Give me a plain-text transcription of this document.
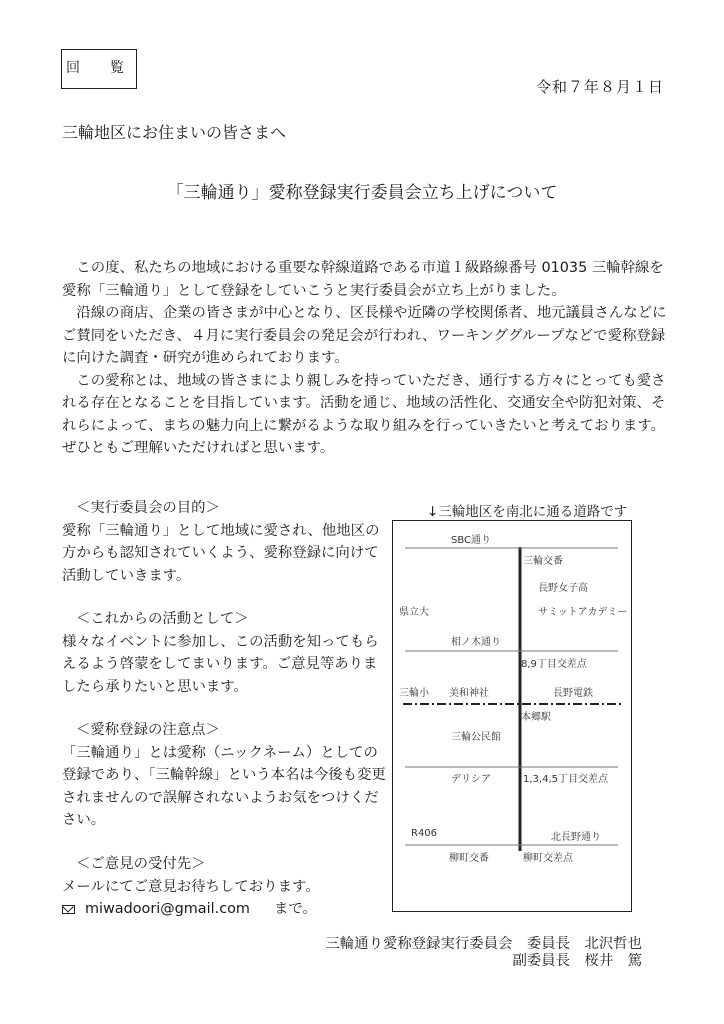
回　覧
令和７年８月１日
三輪地区にお住まいの皆さまへ
「三輪通り」愛称登録実行委員会立ち上げについて

この度、私たちの地域における重要な幹線道路である市道１級路線番号 01035 三輪幹線を愛称「三輪通り」として登録をしていこうと実行委員会が立ち上がりました。

沿線の商店、企業の皆さまが中心となり、区長様や近隣の学校関係者、地元議員さんなどにご賛同をいただき、４月に実行委員会の発足会が行われ、ワーキンググループなどで愛称登録に向けた調査・研究が進められております。

この愛称とは、地域の皆さまにより親しみを持っていただき、通行する方々にとっても愛される存在となることを目指しています。活動を通じ、地域の活性化、交通安全や防犯対策、それらによって、まちの魅力向上に繋がるような取り組みを行っていきたいと考えております。ぜひともご理解いただければと思います。

＜実行委員会の目的＞
愛称「三輪通り」として地域に愛され、他地区の方からも認知されていくよう、愛称登録に向けて活動していきます。
＜これからの活動として＞
様々なイベントに参加し、この活動を知ってもらえるよう啓蒙をしてまいります。ご意見等ありましたら承りたいと思います。
＜愛称登録の注意点＞
「三輪通り」とは愛称（ニックネーム）としての登録であり、「三輪幹線」という本名は今後も変更されませんので誤解されないようお気をつけください。
＜ご意見の受付先＞
メールにてご意見お待ちしております。
miwadoori@gmail.com まで。
↓三輪地区を南北に通る道路です
SBC通り
三輪交番
長野女子高
サミットアカデミー
県立大
相ノ木通り
8,9丁目交差点
三輪小 美和神社	長野電鉄
本郷駅
三輪公民館
デリシア	1,3,4,5丁目交差点
R406	北長野通り
柳町交番	柳町交差点
三輪通り愛称登録実行委員会　委員長　北沢哲也
副委員長　桜井　篤
